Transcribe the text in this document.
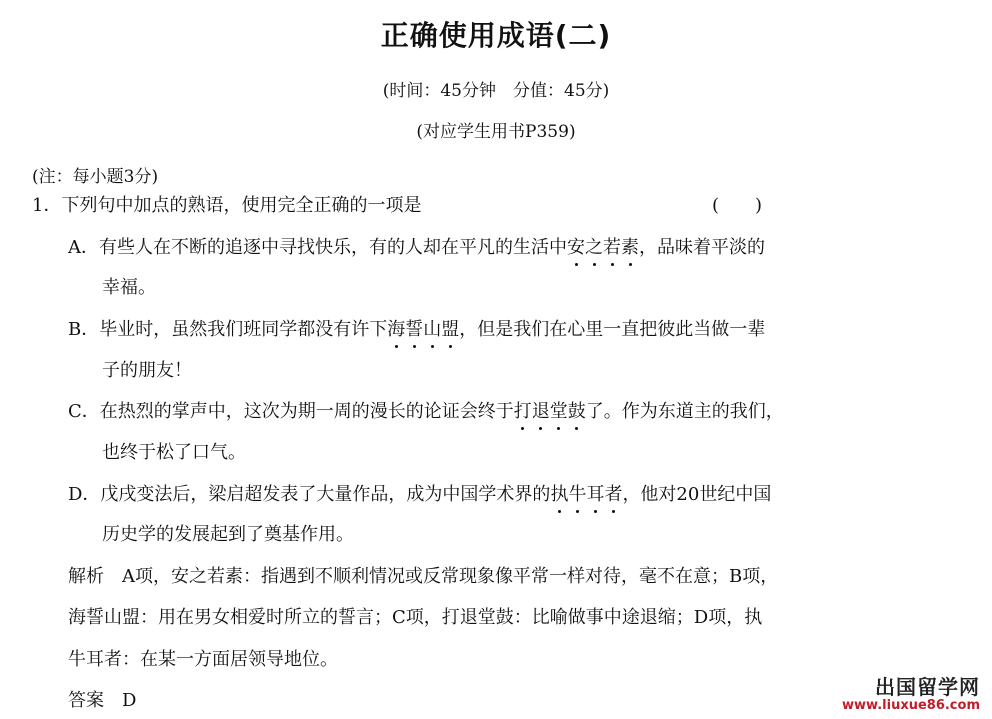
正确使用成语(二)
(时间：45分钟　分值：45分)
(对应学生用书P359)
(注：每小题3分)
1．下列句中加点的熟语，使用完全正确的一项是	(　　)
A．有些人在不断的追逐中寻找快乐，有的人却在平凡的生活中安之若素，品味着平淡的
幸福。
B．毕业时，虽然我们班同学都没有许下海誓山盟，但是我们在心里一直把彼此当做一辈
子的朋友！
C．在热烈的掌声中，这次为期一周的漫长的论证会终于打退堂鼓了。作为东道主的我们，
也终于松了口气。
D．戊戌变法后，梁启超发表了大量作品，成为中国学术界的执牛耳者，他对20世纪中国
历史学的发展起到了奠基作用。
解析　A项，安之若素：指遇到不顺利情况或反常现象像平常一样对待，毫不在意；B项，
海誓山盟：用在男女相爱时所立的誓言；C项，打退堂鼓：比喻做事中途退缩；D项，执
牛耳者：在某一方面居领导地位。
答案　D
出国留学网
www.liuxue86.com
